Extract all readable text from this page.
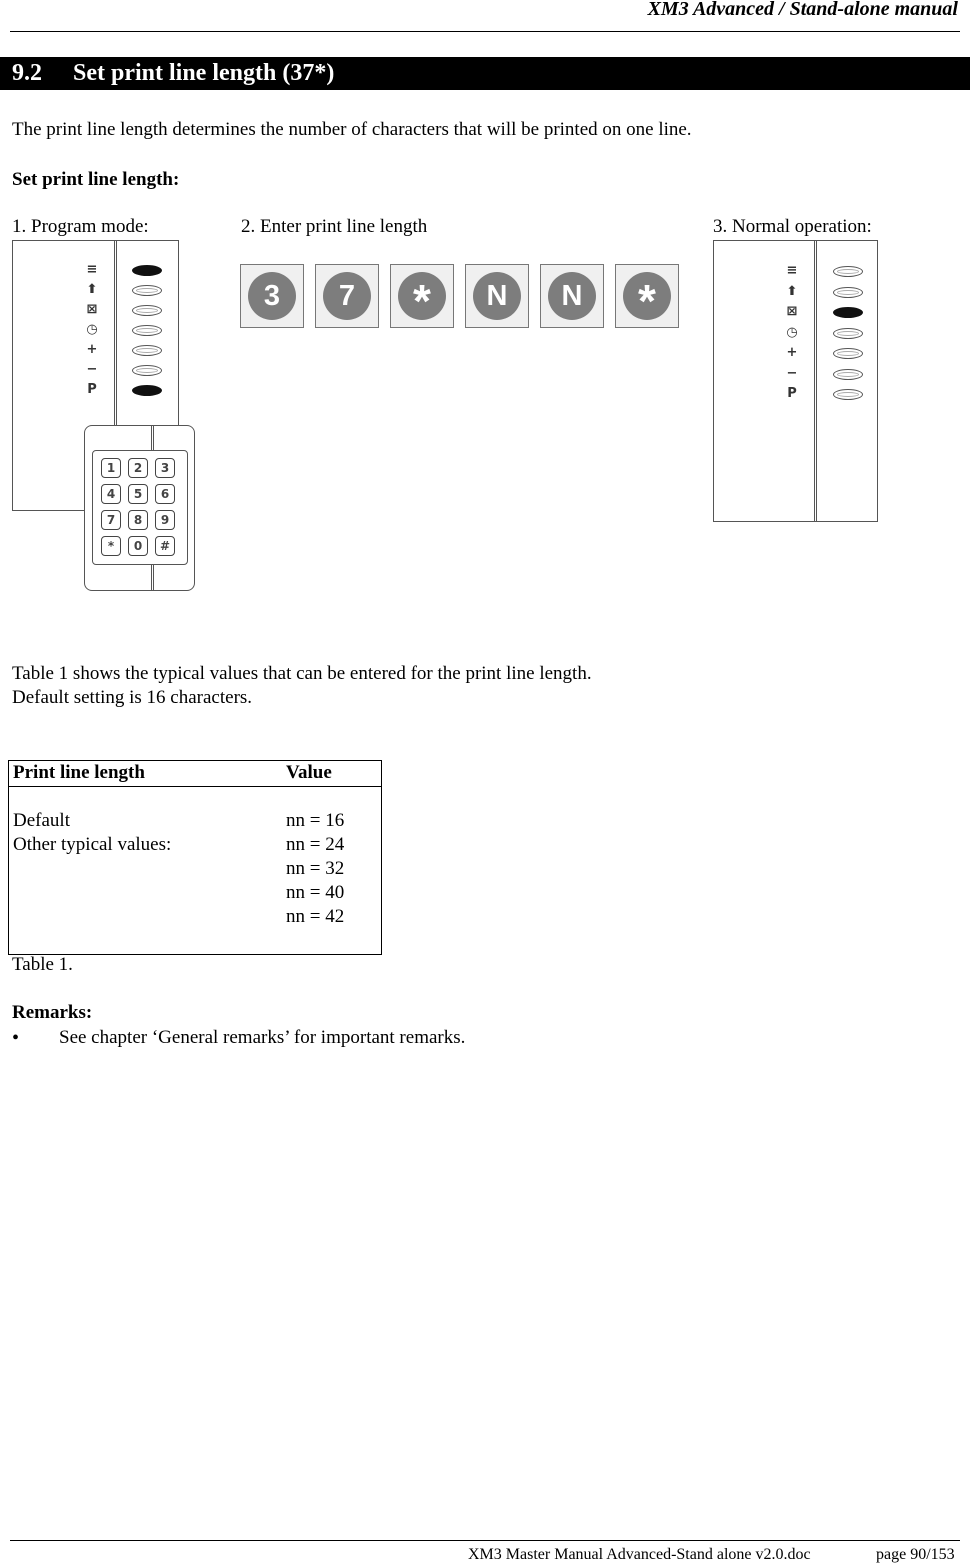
XM3 Advanced / Stand-alone manual
9.2 Set print line length (37*)
The print line length determines the number of characters that will be printed on one line.
Set print line length:
1. Program mode:	2. Enter print line length	3. Normal operation:
≡
⬆
⊠
◷
+
−
P
1	2	3
4	5	6
7	8	9
*	0	#
3	7	*	N	N	*
≡
⬆
⊠
◷
+
−
P
Table 1 shows the typical values that can be entered for the print line length.
Default setting is 16 characters.
Print line length	Value
Default	nn = 16
Other typical values:	nn = 24
nn = 32
nn = 40
nn = 42
Table 1.
Remarks:
• See chapter ‘General remarks’ for important remarks.
XM3 Master Manual Advanced-Stand alone v2.0.doc	page 90/153
